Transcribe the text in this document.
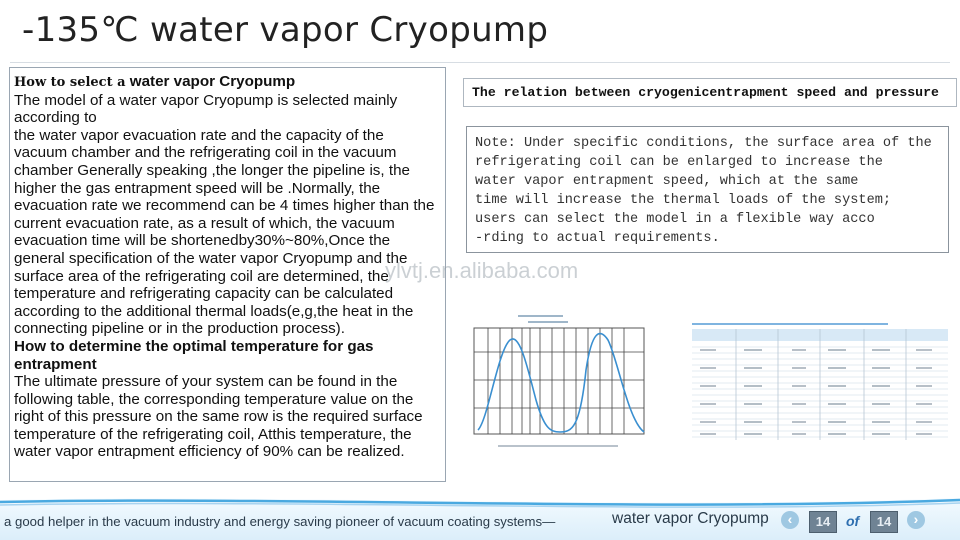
-135℃ water vapor Cryopump

How to select a water vapor Cryopump

The model of a water vapor Cryopump is selected mainly according to

the water vapor evacuation rate and the capacity of the vacuum chamber and the refrigerating coil in the vacuum chamber Generally speaking ,the longer the pipeline is, the higher the gas entrapment speed will be .Normally, the evacuation rate we recommend can be 4 times higher than the current evacuation rate, as a result of which, the vacuum evacuation time will be shortenedby30%~80%,Once the general specification of the water vapor Cryopump and the surface area of the refrigerating coil are determined, the temperature and refrigerating capacity can be calculated according to the additional thermal loads(e,g,the heat in the connecting pipeline or in the production process).

How to determine the optimal temperature for gas entrapment

The ultimate pressure of your system can be found in the following table, the corresponding temperature value on the right of this pressure on the same row is the required surface temperature of the refrigerating coil, Atthis temperature, the water vapor entrapment efficiency of 90% can be realized.

The relation between cryogenicentrapment speed and pressure
Note: Under specific conditions, the surface area of the
refrigerating coil can be enlarged to increase the
water vapor entrapment speed, which at the same
time will increase the thermal loads of the system;
users can select the model in a flexible way acco
-rding to actual requirements.
ylvtj.en.alibaba.com
a good helper in the vacuum industry and energy saving pioneer of vacuum coating systems—	water vapor Cryopump	‹	14	of	14	›
